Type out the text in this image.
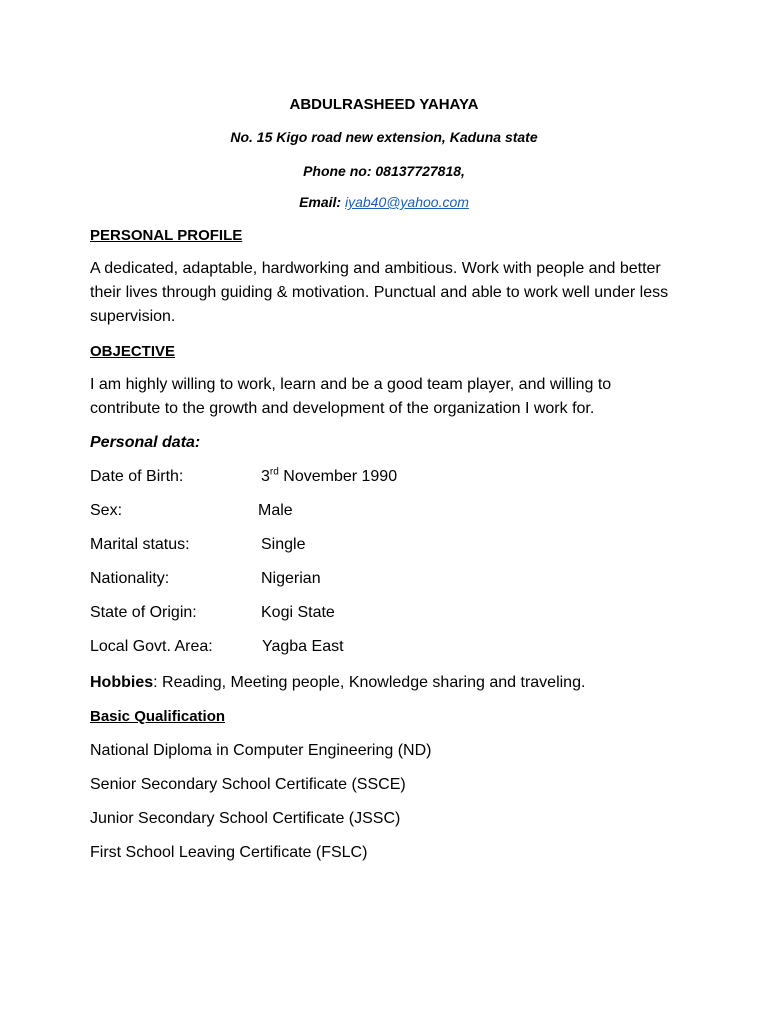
ABDULRASHEED YAHAYA
No. 15 Kigo road new extension, Kaduna state
Phone no: 08137727818,
Email: iyab40@yahoo.com
PERSONAL PROFILE
A dedicated, adaptable, hardworking and ambitious. Work with people and better their lives through guiding & motivation. Punctual and able to work well under less supervision.
OBJECTIVE
I am highly willing to work, learn and be a good team player, and willing to contribute to the growth and development of the organization I work for.
Personal data:
Date of Birth:	3rd November 1990
Sex:	Male
Marital status:	Single
Nationality:	Nigerian
State of Origin:	Kogi State
Local Govt. Area:	Yagba East
Hobbies: Reading, Meeting people, Knowledge sharing and traveling.
Basic Qualification
National Diploma in Computer Engineering (ND)
Senior Secondary School Certificate (SSCE)
Junior Secondary School Certificate (JSSC)
First School Leaving Certificate (FSLC)
